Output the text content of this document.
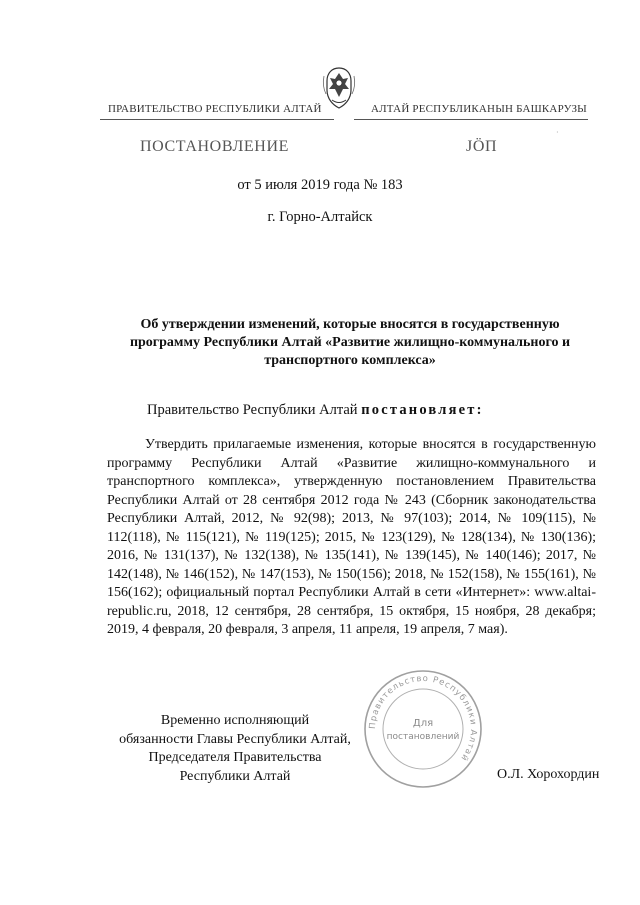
ПРАВИТЕЛЬСТВО РЕСПУБЛИКИ АЛТАЙ	АЛТАЙ РЕСПУБЛИКАНЫН БАШКАРУЗЫ
·
ПОСТАНОВЛЕНИЕ	ЈӦП
от 5 июля 2019 года № 183
г. Горно-Алтайск
Об утверждении изменений, которые вносятся в государственную программу Республики Алтай «Развитие жилищно-коммунального и транспортного комплекса»
Правительство Республики Алтай постановляет:

Утвердить прилагаемые изменения, которые вносятся в государственную программу Республики Алтай «Развитие жилищно-коммунального и транспортного комплекса», утвержденную постановлением Правительства Республики Алтай от 28 сентября 2012 года № 243 (Сборник законодательства Республики Алтай, 2012, № 92(98); 2013, № 97(103); 2014, № 109(115), № 112(118), № 115(121), № 119(125); 2015, № 123(129), № 128(134), № 130(136); 2016, № 131(137), № 132(138), № 135(141), № 139(145), № 140(146); 2017, № 142(148), № 146(152), № 147(153), № 150(156); 2018, № 152(158), № 155(161), № 156(162); официальный портал Республики Алтай в сети «Интернет»: www.altai-republic.ru, 2018, 12 сентября, 28 сентября, 15 октября, 15 ноября, 28 декабря; 2019, 4 февраля, 20 февраля, 3 апреля, 11 апреля, 19 апреля, 7 мая).

Временно исполняющий
обязанности Главы Республики Алтай,
Председателя Правительства
Республики Алтай
Правительство Республики Алтай
Для
постановлений
О.Л. Хорохордин
